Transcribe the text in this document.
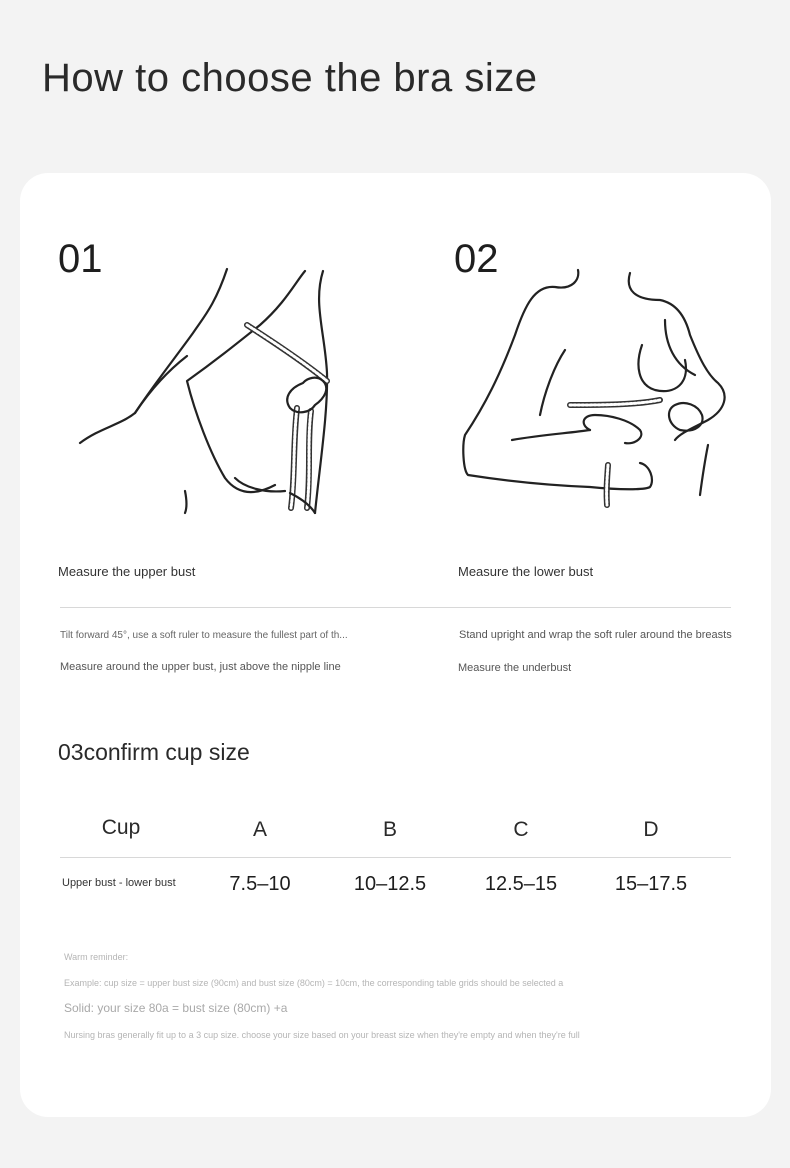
How to choose the bra size
01
Measure the upper bust
02
Measure the lower bust
Tilt forward 45°, use a soft ruler to measure the fullest part of th...
Measure around the upper bust, just above the nipple line
Stand upright and wrap the soft ruler around the breasts
Measure the underbust
03confirm cup size
Cup	A	B	C	D
Upper bust - lower bust	7.5–10	10–12.5	12.5–15	15–17.5
Warm reminder:
Example: cup size = upper bust size (90cm) and bust size (80cm) = 10cm, the corresponding table grids should be selected a
Solid: your size 80a = bust size (80cm) +a
Nursing bras generally fit up to a 3 cup size. choose your size based on your breast size when they're empty and when they're full
